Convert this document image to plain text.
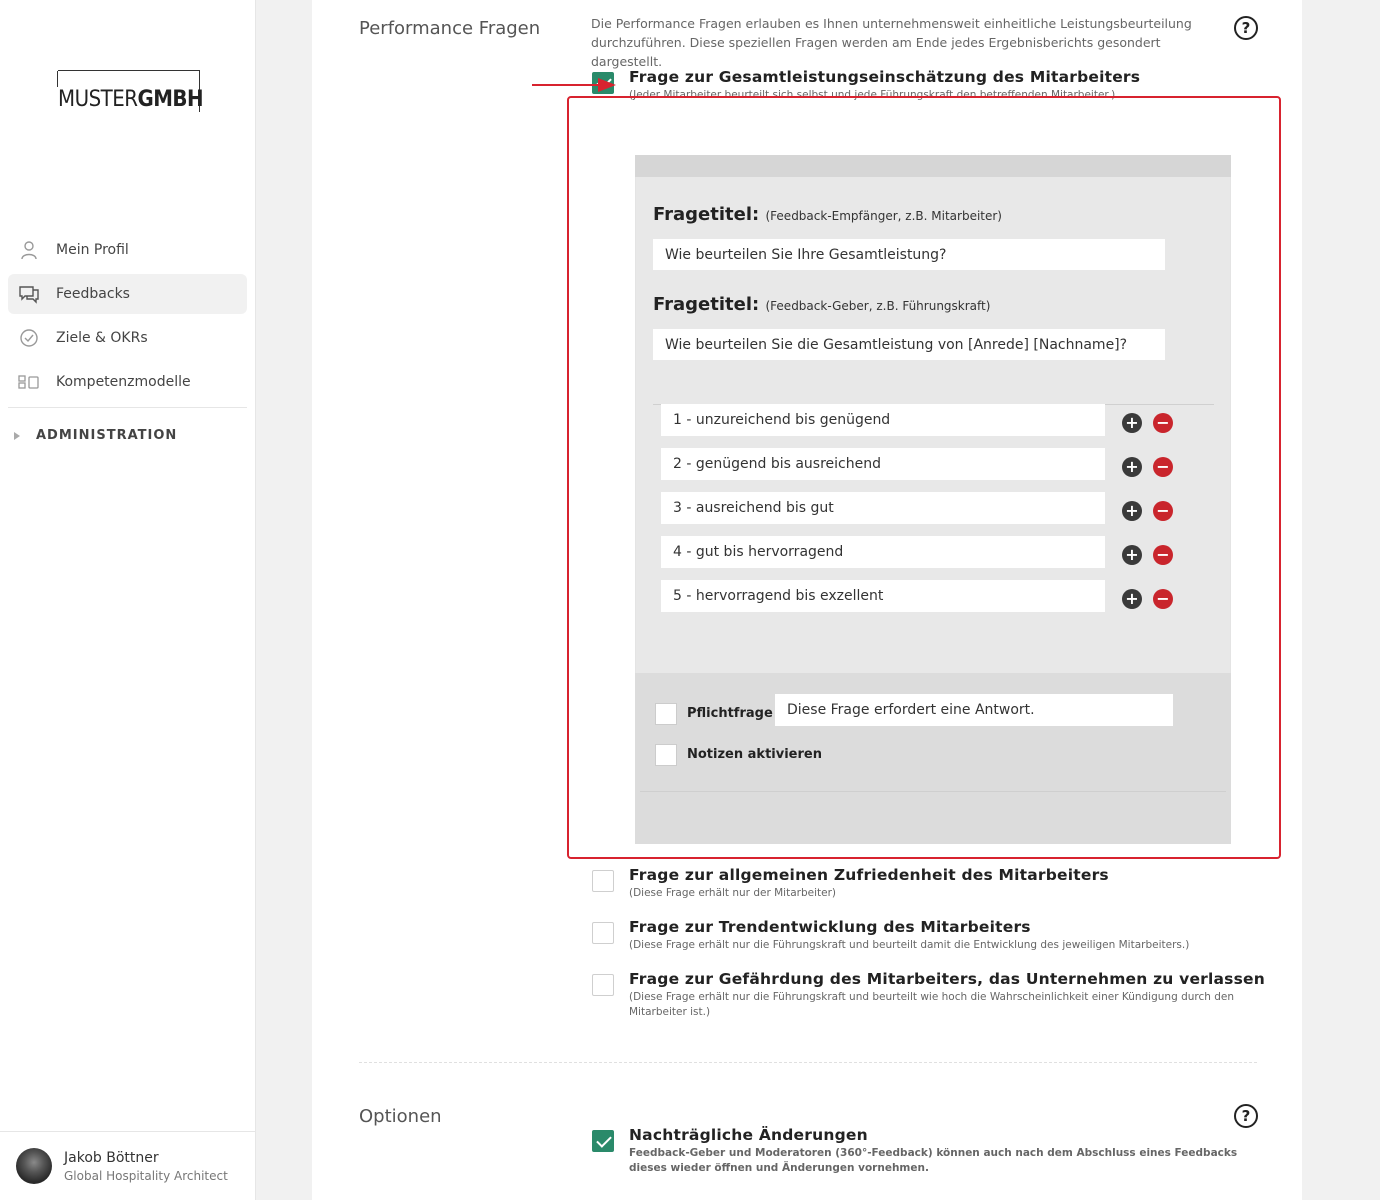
MUSTERGMBH
Mein Profil
Feedbacks
Ziele & OKRs
Kompetenzmodelle
ADMINISTRATION
Jakob Böttner
Global Hospitality Architect
Performance Fragen	Die Performance Fragen erlauben es Ihnen unternehmensweit einheitliche Leistungsbeurteilung durchzuführen. Diese speziellen Fragen werden am Ende jedes Ergebnisberichts gesondert dargestellt.
?
Frage zur Gesamtleistungseinschätzung des Mitarbeiters
(Jeder Mitarbeiter beurteilt sich selbst und jede Führungskraft den betreffenden Mitarbeiter.)
Frage zur allgemeinen Zufriedenheit des Mitarbeiters
(Diese Frage erhält nur der Mitarbeiter)
Frage zur Trendentwicklung des Mitarbeiters
(Diese Frage erhält nur die Führungskraft und beurteilt damit die Entwicklung des jeweiligen Mitarbeiters.)
Frage zur Gefährdung des Mitarbeiters, das Unternehmen zu verlassen
(Diese Frage erhält nur die Führungskraft und beurteilt wie hoch die Wahrscheinlichkeit einer Kündigung durch den Mitarbeiter ist.)
Optionen	?
Nachträgliche Änderungen
Feedback-Geber und Moderatoren (360°-Feedback) können auch nach dem Abschluss eines Feedbacks dieses wieder öffnen und Änderungen vornehmen.
Fragetitel: (Feedback-Empfänger, z.B. Mitarbeiter)
Wie beurteilen Sie Ihre Gesamtleistung?
Fragetitel: (Feedback-Geber, z.B. Führungskraft)
Wie beurteilen Sie die Gesamtleistung von [Anrede] [Nachname]?
1 - unzureichend bis genügend	+ −
2 - genügend bis ausreichend	+ −
3 - ausreichend bis gut	+ −
4 - gut bis hervorragend	+ −
5 - hervorragend bis exzellent	+ −
Pflichtfrage	Diese Frage erfordert eine Antwort.
Notizen aktivieren
